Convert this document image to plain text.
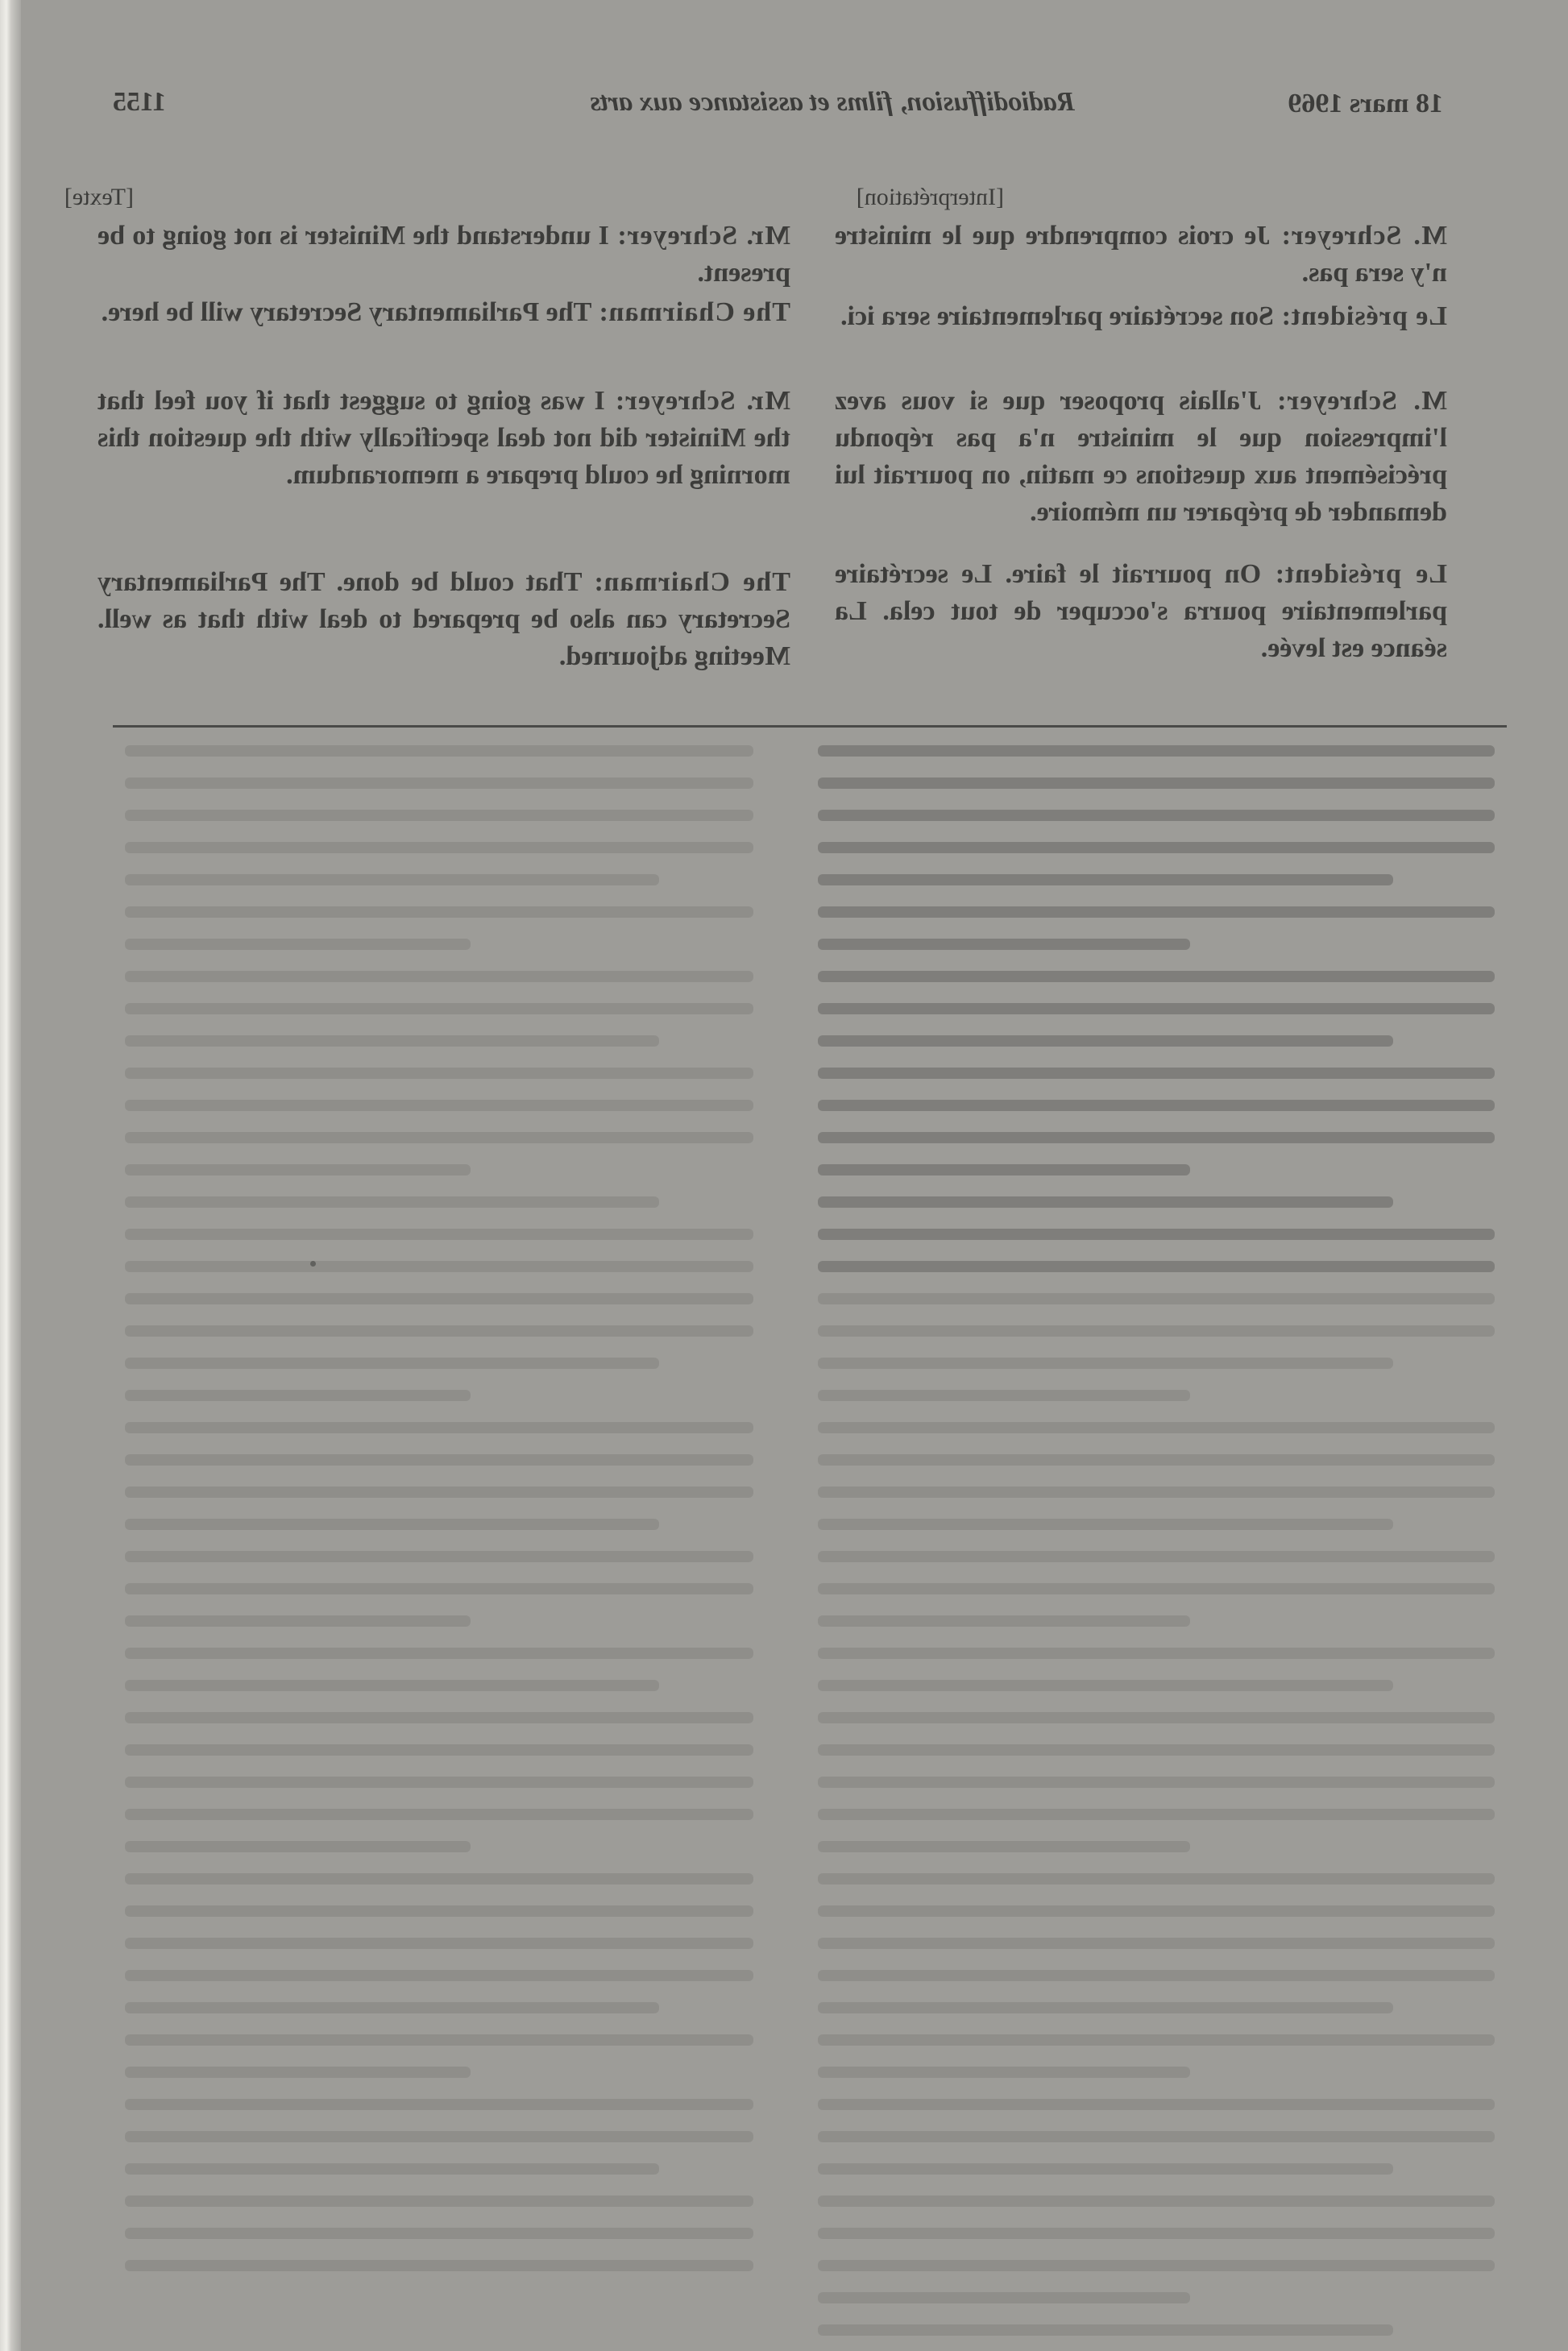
18 mars 1969

Radiodiffusion, films et assistance aux arts

1155

[Texte]

Mr. Schreyer: I understand the Minister is not going to be present.

The Chairman: The Parliamentary Secretary will be here.

Mr. Schreyer: I was going to suggest that if you feel that the Minister did not deal specifically with the question this morning he could prepare a memorandum.

The Chairman: That could be done. The Parliamentary Secretary can also be prepared to deal with that as well. Meeting adjourned.

[Interprétation]

M. Schreyer: Je crois comprendre que le ministre n'y sera pas.

Le président: Son secrétaire parlementaire sera ici.

M. Schreyer: J'allais proposer que si vous avez l'impression que le ministre n'a pas répondu précisément aux questions ce matin, on pourrait lui demander de préparer un mémoire.

Le président: On pourrait le faire. Le secrétaire parlementaire pourra s'occuper de tout cela. La séance est levée.
